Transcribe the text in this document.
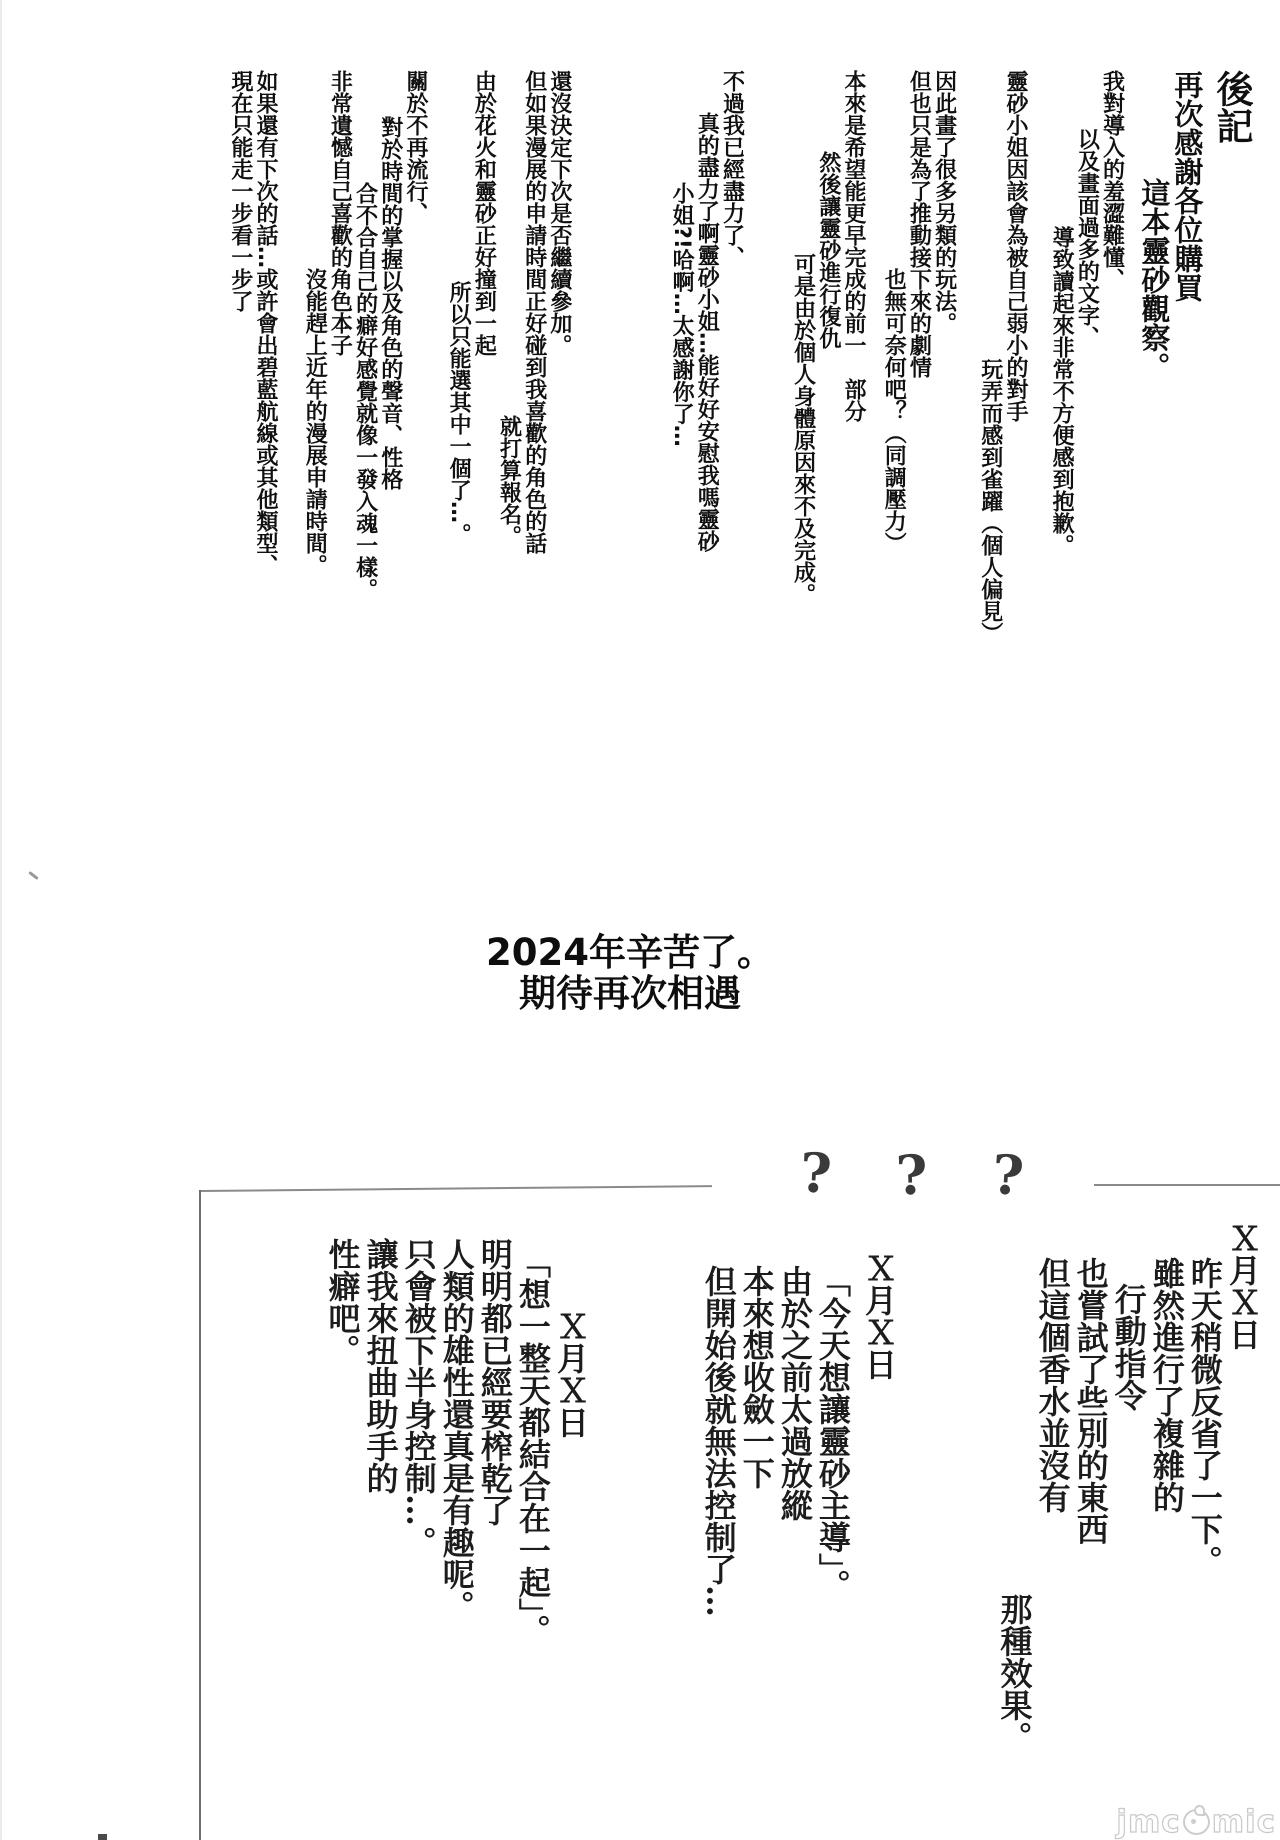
後記

再次感謝各位購買

這本靈砂觀察。

我對導入的羞澀難懂、

以及畫面過多的文字、

導致讀起來非常不方便感到抱歉。

靈砂小姐因該會為被自己弱小的對手

玩弄而感到雀躍（個人偏見）

因此畫了很多另類的玩法。

但也只是為了推動接下來的劇情

也無可奈何吧？（同調壓力）

本來是希望能更早完成的前一　部分

然後讓靈砂進行復仇

可是由於個人身體原因來不及完成。

不過我已經盡力了、

真的盡力了啊靈砂小姐…能好好安慰我嗎靈砂

小姐?!哈啊…太感謝你了…

還沒決定下次是否繼續參加。

但如果漫展的申請時間正好碰到我喜歡的角色的話

就打算報名。

由於花火和靈砂正好撞到一起

所以只能選其中一個了…。

關於不再流行、

對於時間的掌握以及角色的聲音、性格

合不合自己的癖好感覺就像一發入魂一樣。

非常遺憾自己喜歡的角色本子

沒能趕上近年的漫展申請時間。

如果還有下次的話…或許會出碧藍航線或其他類型、

現在只能走一步看一步了

2024年辛苦了。
期待再次相遇
? ? ?

Ｘ月Ｘ日

昨天稍微反省了一下。

雖然進行了複雜的

行動指令

也嘗試了些別的東西

但這個香水並沒有

那種效果。

Ｘ月Ｘ日

「今天想讓靈砂主導」。

由於之前太過放縱

本來想收斂一下

但開始後就無法控制了…

Ｘ月Ｘ日

「想一整天都結合在一起」。

明明都已經要榨乾了

人類的雄性還真是有趣呢。

只會被下半身控制…。

讓我來扭曲助手的

性癖吧。

jmc mic
